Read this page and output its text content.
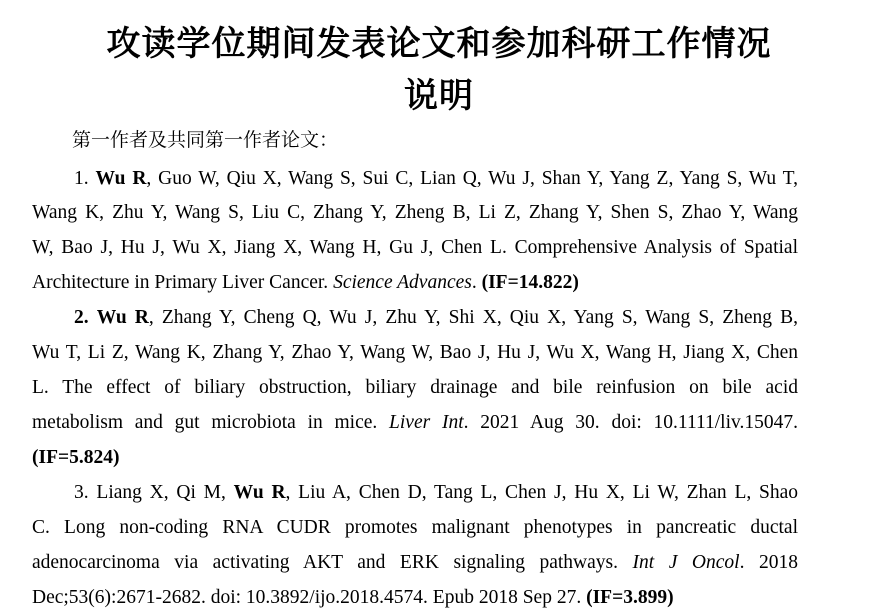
攻读学位期间发表论文和参加科研工作情况
说明
第一作者及共同第一作者论文：
1. Wu R, Guo W, Qiu X, Wang S, Sui C, Lian Q, Wu J, Shan Y, Yang Z, Yang S, Wu T,
Wang K, Zhu Y, Wang S, Liu C, Zhang Y, Zheng B, Li Z, Zhang Y, Shen S, Zhao Y, Wang
W, Bao J, Hu J, Wu X, Jiang X, Wang H, Gu J, Chen L. Comprehensive Analysis of Spatial
Architecture in Primary Liver Cancer. Science Advances. (IF=14.822)
2. Wu R, Zhang Y, Cheng Q, Wu J, Zhu Y, Shi X, Qiu X, Yang S, Wang S, Zheng B,
Wu T, Li Z, Wang K, Zhang Y, Zhao Y, Wang W, Bao J, Hu J, Wu X, Wang H, Jiang X, Chen
L. The effect of biliary obstruction, biliary drainage and bile reinfusion on bile acid
metabolism and gut microbiota in mice. Liver Int. 2021 Aug 30. doi: 10.1111/liv.15047.
(IF=5.824)
3. Liang X, Qi M, Wu R, Liu A, Chen D, Tang L, Chen J, Hu X, Li W, Zhan L, Shao
C. Long non-coding RNA CUDR promotes malignant phenotypes in pancreatic ductal
adenocarcinoma via activating AKT and ERK signaling pathways. Int J Oncol. 2018
Dec;53(6):2671-2682. doi: 10.3892/ijo.2018.4574. Epub 2018 Sep 27. (IF=3.899)
